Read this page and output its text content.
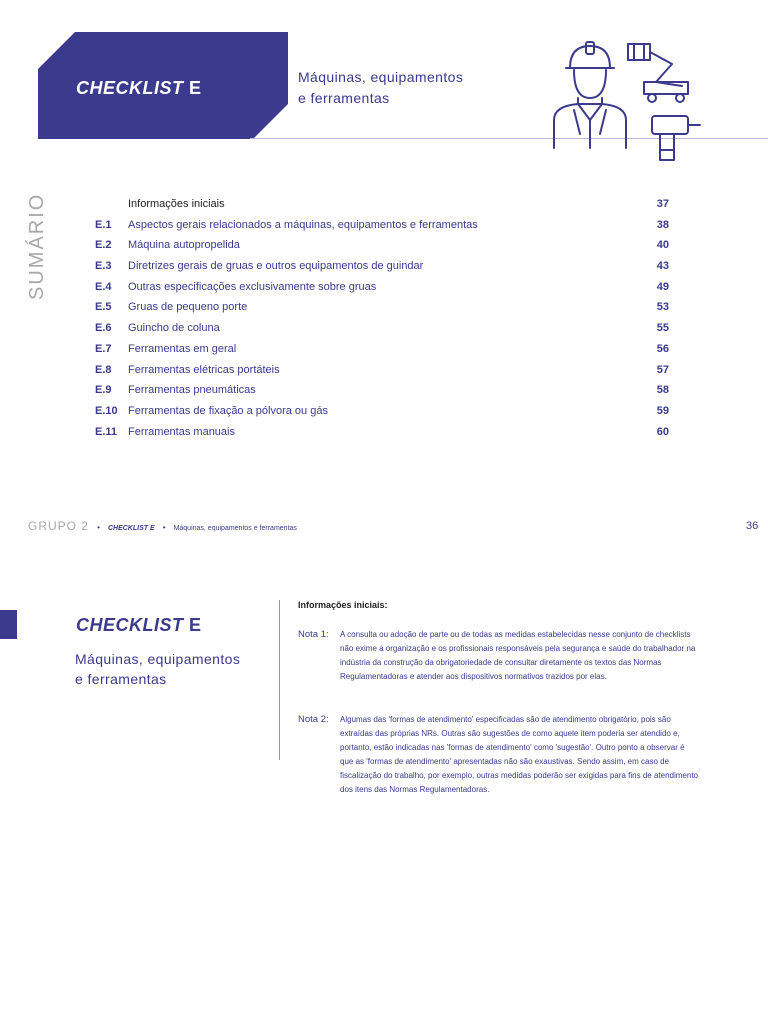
CHECKLIST E
Máquinas, equipamentos
e ferramentas
SUMÁRIO	Informações iniciais	37
E.1 Aspectos gerais relacionados a máquinas, equipamentos e ferramentas	38
E.2 Máquina autopropelida	40
E.3 Diretrizes gerais de gruas e outros equipamentos de guindar	43
E.4 Outras especificações exclusivamente sobre gruas	49
E.5 Gruas de pequeno porte	53
E.6 Guincho de coluna	55
E.7 Ferramentas em geral	56
E.8 Ferramentas elétricas portáteis	57
E.9 Ferramentas pneumáticas	58
E.10 Ferramentas de fixação a pólvora ou gás	59
E.11 Ferramentas manuais	60
GRUPO 2 • CHECKLIST E • Máquinas, equipamentos e ferramentas	36
CHECKLIST E
Máquinas, equipamentos
e ferramentas
Informações iniciais:
Nota 1: A consulta ou adoção de parte ou de todas as medidas estabelecidas nesse conjunto de checklists não exime a organização e os profissionais responsáveis pela segurança e saúde do trabalhador na indústria da construção da obrigatoriedade de consultar diretamente os textos das Normas Regulamentadoras e atender aos dispositivos normativos trazidos por elas.
Nota 2: Algumas das 'formas de atendimento' especificadas são de atendimento obrigatório, pois são extraídas das próprias NRs. Outras são sugestões de como aquele item poderia ser atendido e, portanto, estão indicadas nas 'formas de atendimento' como 'sugestão'. Outro ponto a observar é que as 'formas de atendimento' apresentadas não são exaustivas. Sendo assim, em caso de fiscalização do trabalho, por exemplo, outras medidas poderão ser exigidas para fins de atendimento dos itens das Normas Regulamentadoras.
